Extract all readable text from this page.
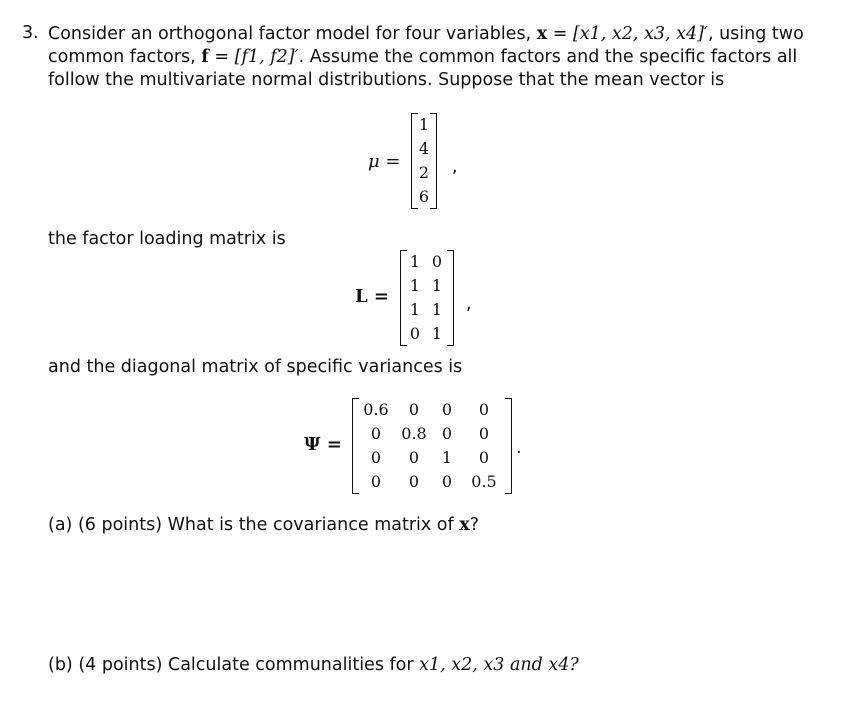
3. Consider an orthogonal factor model for four variables, x = [x1, x2, x3, x4]′, using two
common factors, f = [f1, f2]′. Assume the common factors and the specific factors all
follow the multivariate normal distributions. Suppose that the mean vector is
μ =
1
4
2
6
,
the factor loading matrix is
L =
1 0
1 1
1 1
0 1
,
and the diagonal matrix of specific variances is
Ψ =
0.6	0	0	0
0	0.8 0	0
0	0	1	0
0	0	0	0.5
.
(a) (6 points) What is the covariance matrix of x?
(b) (4 points) Calculate communalities for x1, x2, x3 and x4?
